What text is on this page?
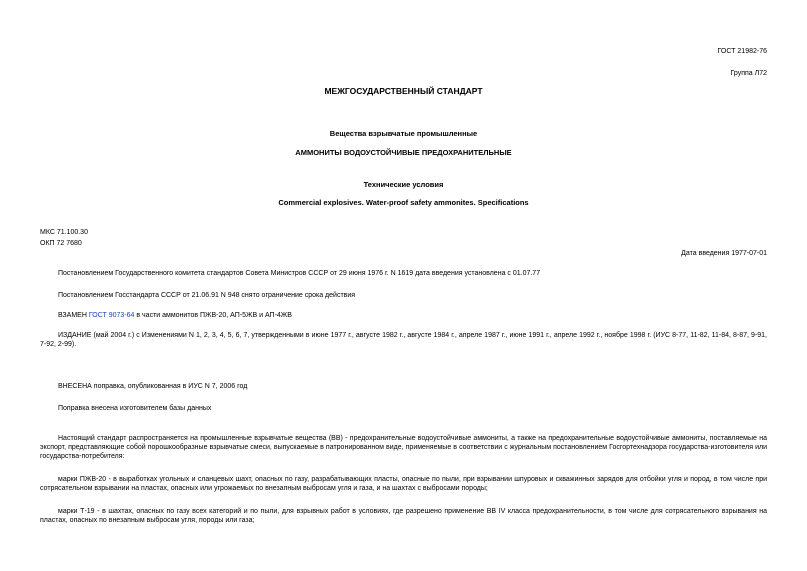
ГОСТ 21982-76
Группа Л72
МЕЖГОСУДАРСТВЕННЫЙ СТАНДАРТ
Вещества взрывчатые промышленные
АММОНИТЫ ВОДОУСТОЙЧИВЫЕ ПРЕДОХРАНИТЕЛЬНЫЕ
Технические условия
Commercial explosives. Water-proof safety ammonites. Specifications
МКС 71.100.30
ОКП 72 7680
Дата введения 1977-07-01
Постановлением Государственного комитета стандартов Совета Министров СССР от 29 июня 1976 г. N 1619 дата введения установлена с 01.07.77
Постановлением Госстандарта СССР от 21.06.91 N 948 снято ограничение срока действия
ВЗАМЕН ГОСТ 9073-64 в части аммонитов ПЖВ-20, АП-5ЖВ и АП-4ЖВ
ИЗДАНИЕ (май 2004 г.) с Изменениями N 1, 2, 3, 4, 5, 6, 7, утвержденными в июне 1977 г., августе 1982 г., августе 1984 г., апреле 1987 г., июне 1991 г., апреле 1992 г., ноябре 1998 г. (ИУС 8-77, 11-82, 11-84, 8-87, 9-91, 7-92, 2-99).
ВНЕСЕНА поправка, опубликованная в ИУС N 7, 2006 год
Поправка внесена изготовителем базы данных
Настоящий стандарт распространяется на промышленные взрывчатые вещества (ВВ) - предохранительные водоустойчивые аммониты, а также на предохранительные водоустойчивые аммониты, поставляемые на экспорт, представляющие собой порошкообразные взрывчатые смеси, выпускаемые в патронированном виде, применяемые в соответствии с журнальным постановлением Госгортехнадзора государства-изготовителя или государства-потребителя:
марки ПЖВ-20 - в выработках угольных и сланцевых шахт, опасных по газу, разрабатывающих пласты, опасные по пыли, при взрывании шпуровых и скважинных зарядов для отбойки угля и пород, в том числе при сотрясательном взрывании на пластах, опасных или угрожаемых по внезапным выбросам угля и газа, и на шахтах с выбросами породы;
марки Т-19 - в шахтах, опасных по газу всех категорий и по пыли, для взрывных работ в условиях, где разрешено применение ВВ IV класса предохранительности, в том числе для сотрясательного взрывания на пластах, опасных по внезапным выбросам угля, породы или газа;
